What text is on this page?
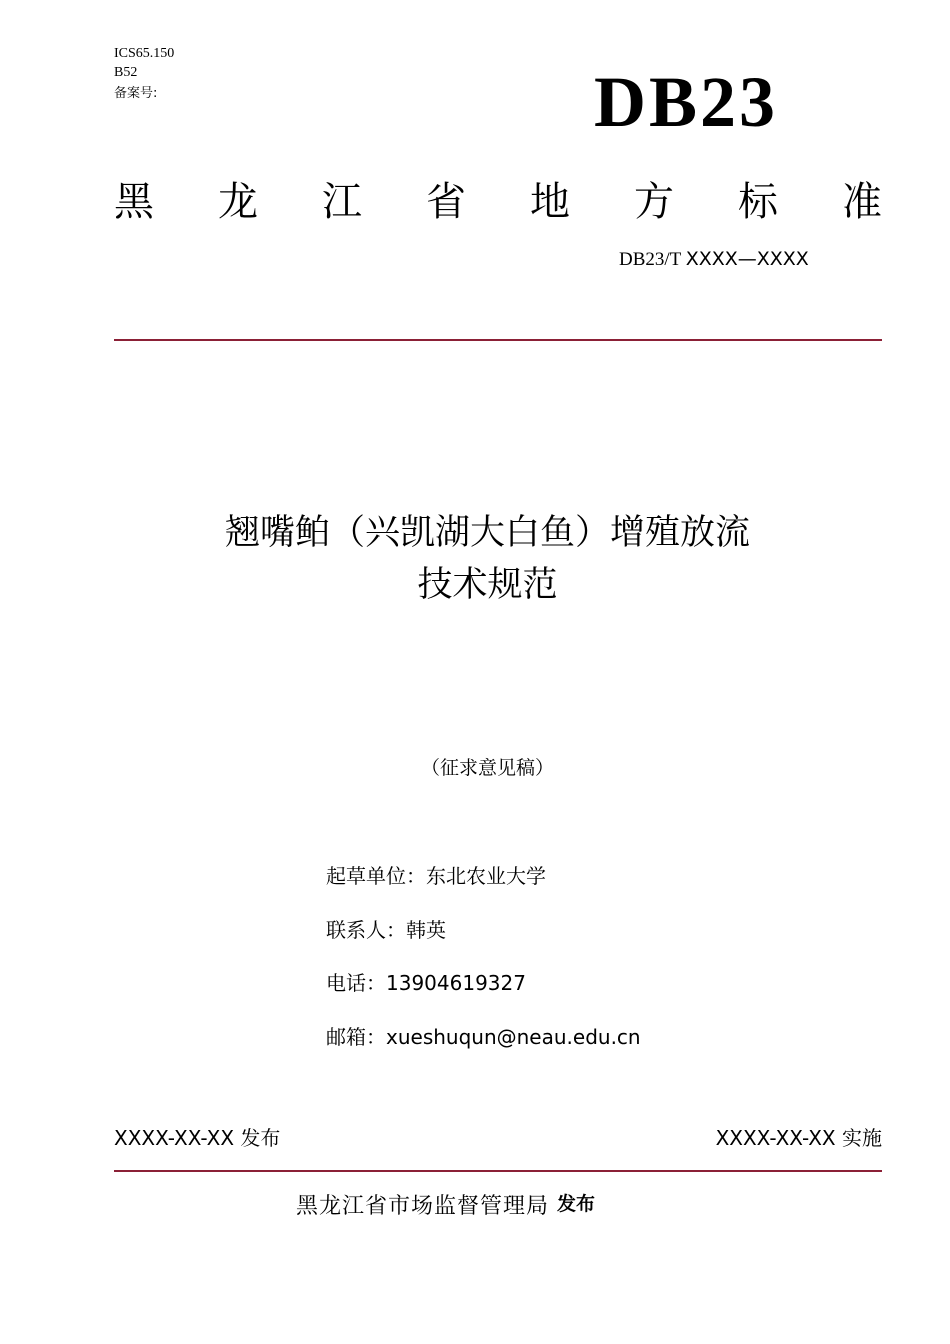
ICS65.150
B52
备案号:	DB23
黑 龙 江 省 地 方 标 准
DB23/T XXXX—XXXX
翘嘴鲌（兴凯湖大白鱼）增殖放流
技术规范
（征求意见稿）
起草单位：东北农业大学
联系人：韩英
电话：13904619327
邮箱：xueshuqun@neau.edu.cn
XXXX-XX-XX 发布	XXXX-XX-XX 实施
黑龙江省市场监督管理局 发布
